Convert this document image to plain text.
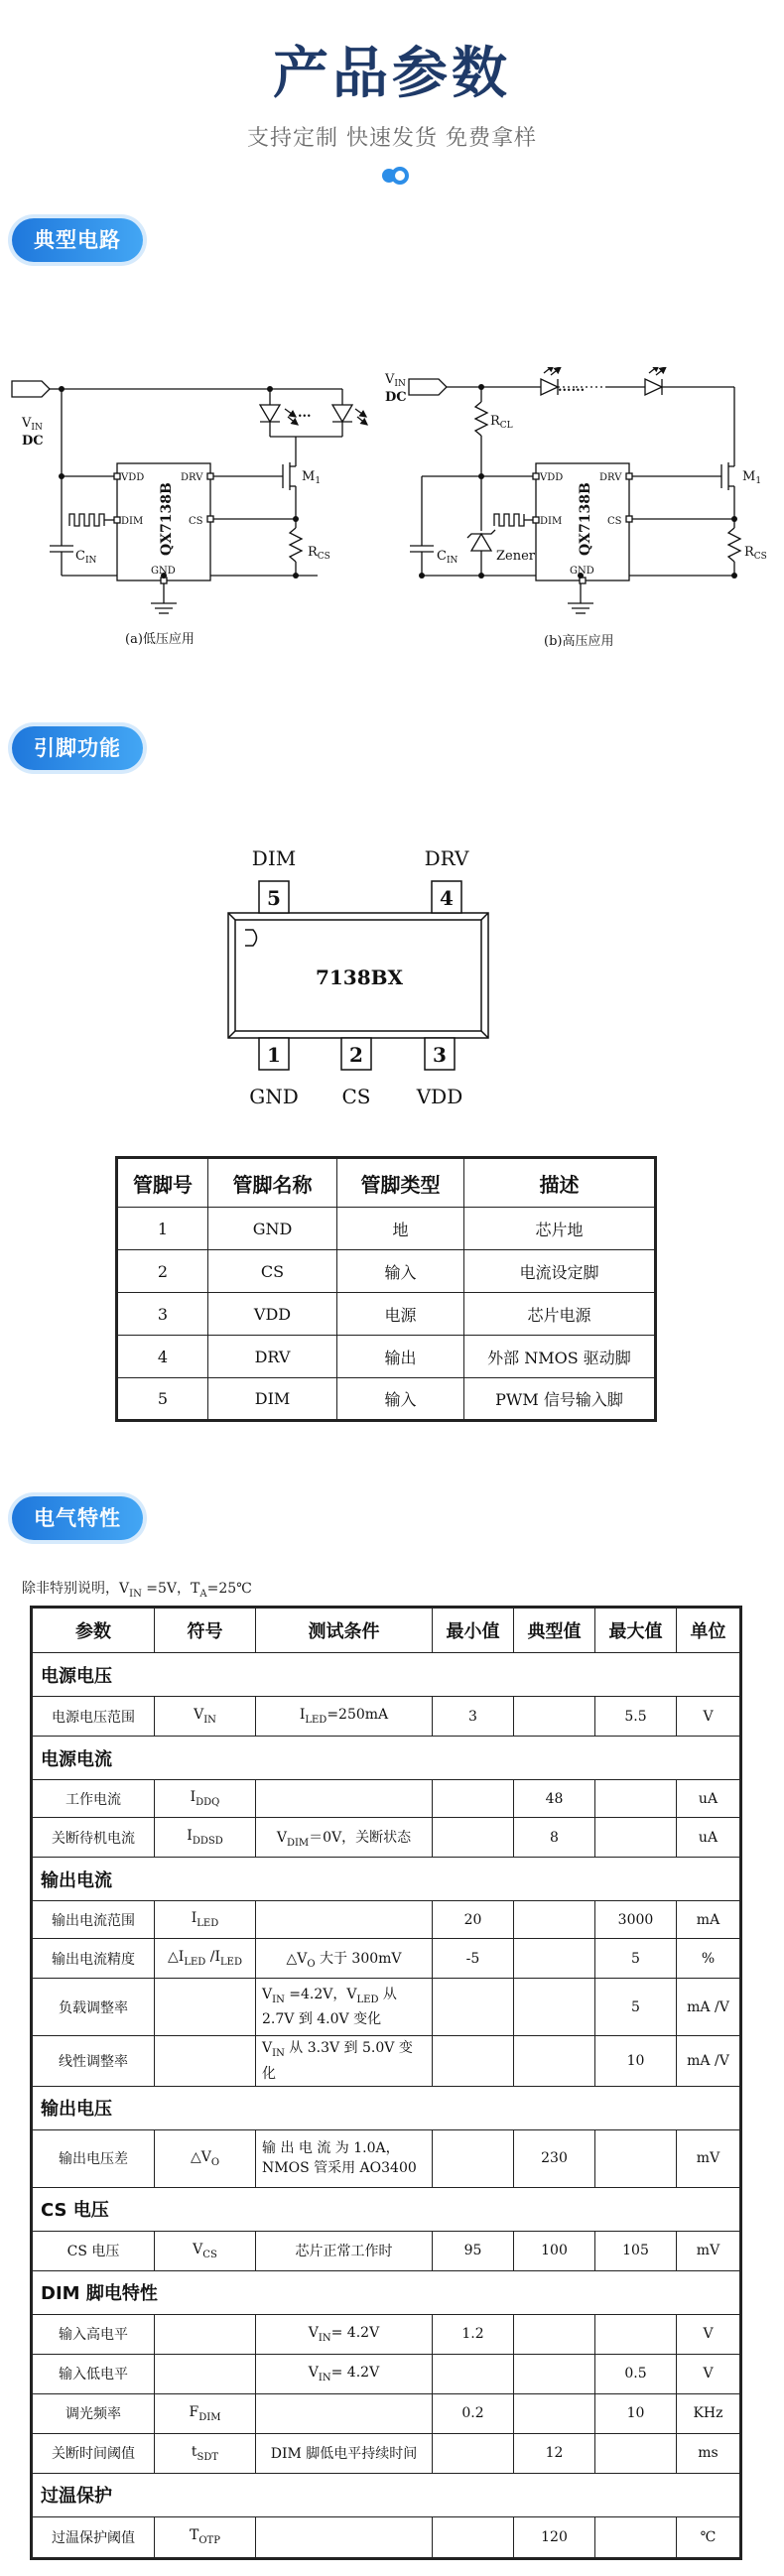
产品参数
支持定制 快速发货 免费拿样
典型电路
$V_{IN}$
DC
VDD
DIM
GND
DRV
CS
QX7138B
$C_{IN}$
$M_1$
$R_{CS}$
...
(a)低压应用
$V_{IN}$
DC
$R_{CL}$
VDD
DIM
GND
DRV
CS
QX7138B
$C_{IN}$	Zener
$M_1$
$R_{CS}$
......
(b)高压应用
引脚功能
7138BX
DIM
5
DRV
4
1
GND
2
CS
3
VDD
管脚号	管脚名称	管脚类型	描述
1	GND	地	芯片地
2	CS	输入	电流设定脚
3	VDD	电源	芯片电源
4	DRV	输出	外部 NMOS 驱动脚
5	DIM	输入	PWM 信号输入脚
电气特性
除非特别说明，$V_{IN} =5V$，$T_A=25℃$
参数	符号	测试条件	最小值	典型值	最大值	单位
电源电压						
电源电压范围	$V_{IN}$	$I_{LED}=250mA$	3		5.5	V
电源电流						
工作电流	$I_{DDQ}$			48		uA
关断待机电流	$I_{DDSD}$	$V_{DIM}=0V$，关断状态		8		uA
输出电流						
输出电流范围	$I_{LED}$		20		3000	mA
输出电流精度	$\triangle I_{LED}$ $/I_{LED}$	$\triangle V_O$ 大于 300mV	-5		5	%
负载调整率		$V_{IN} =4.2V$，$V_{LED}$ 从 2.7V 到 4.0V 变化			5	mA /V
线性调整率		$V_{IN}$ 从 3.3V 到 5.0V 变化			10	mA /V
输出电压						
输出电压差	$\triangle V_O$	输 出 电 流 为 1.0A，NMOS 管采用 AO3400		230		mV
CS 电压						
CS 电压	$V_{CS}$	芯片正常工作时	95	100	105	mV
DIM 脚电特性						
输入高电平		$V_{IN}= 4.2V$	1.2			V
输入低电平		$V_{IN}= 4.2V$			0.5	V
调光频率	$F_{DIM}$		0.2		10	KHz
关断时间阈值	$t_{SDT}$	DIM 脚低电平持续时间		12		ms
过温保护						
过温保护阈值	$T_{OTP}$			120		℃
